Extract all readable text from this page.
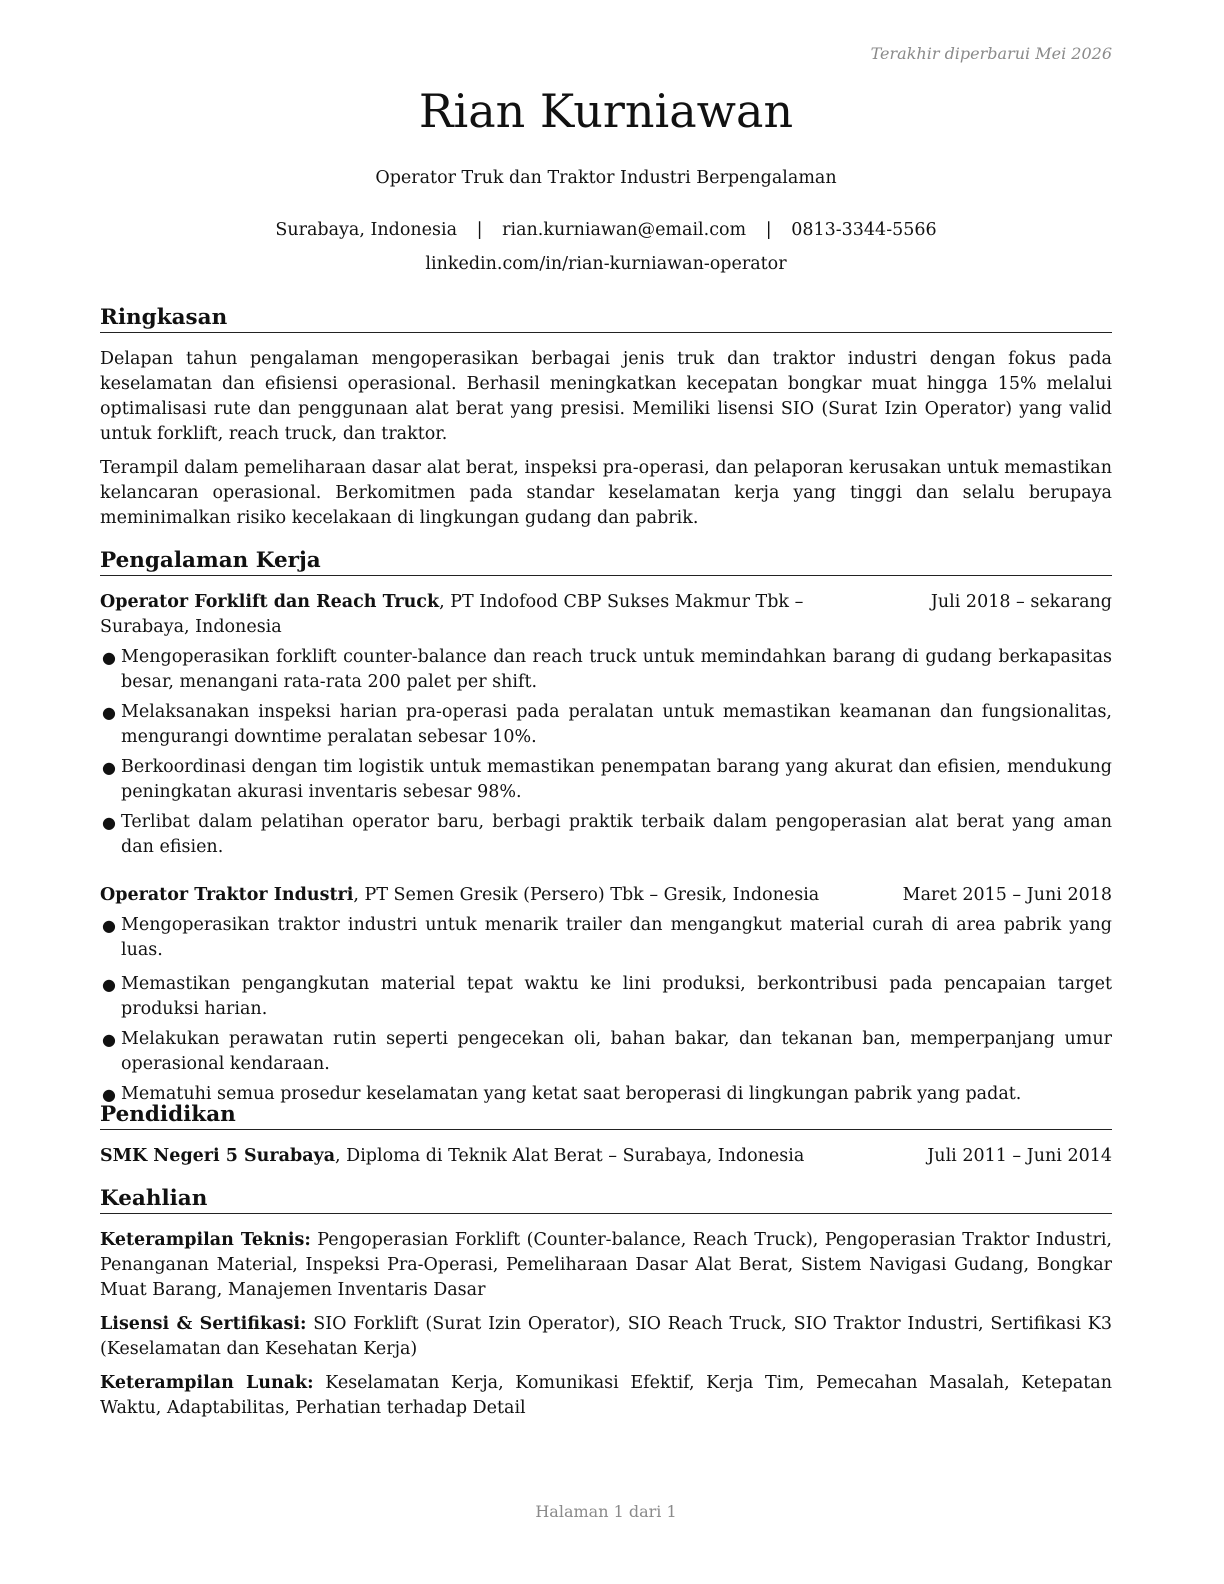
Terakhir diperbarui Mei 2026
Rian Kurniawan
Operator Truk dan Traktor Industri Berpengalaman
Surabaya, Indonesia | rian.kurniawan@email.com | 0813-3344-5566
linkedin.com/in/rian-kurniawan-operator
Ringkasan

Delapan tahun pengalaman mengoperasikan berbagai jenis truk dan traktor industri dengan fokus pada keselamatan dan efisiensi operasional. Berhasil meningkatkan kecepatan bongkar muat hingga 15% melalui optimalisasi rute dan penggunaan alat berat yang presisi. Memiliki lisensi SIO (Surat Izin Operator) yang valid untuk forklift, reach truck, dan traktor.

Terampil dalam pemeliharaan dasar alat berat, inspeksi pra-operasi, dan pelaporan kerusakan untuk memastikan kelancaran operasional. Berkomitmen pada standar keselamatan kerja yang tinggi dan selalu berupaya meminimalkan risiko kecelakaan di lingkungan gudang dan pabrik.

Pengalaman Kerja
Operator Forklift dan Reach Truck, PT Indofood CBP Sukses Makmur Tbk – Surabaya, Indonesia
Juli 2018 – sekarang
● Mengoperasikan forklift counter-balance dan reach truck untuk memindahkan barang di gudang berkapasitas besar, menangani rata-rata 200 palet per shift.
● Melaksanakan inspeksi harian pra-operasi pada peralatan untuk memastikan keamanan dan fungsionalitas, mengurangi downtime peralatan sebesar 10%.
● Berkoordinasi dengan tim logistik untuk memastikan penempatan barang yang akurat dan efisien, mendukung peningkatan akurasi inventaris sebesar 98%.
● Terlibat dalam pelatihan operator baru, berbagi praktik terbaik dalam pengoperasian alat berat yang aman dan efisien.
Operator Traktor Industri, PT Semen Gresik (Persero) Tbk – Gresik, Indonesia	Maret 2015 – Juni 2018
● Mengoperasikan traktor industri untuk menarik trailer dan mengangkut material curah di area pabrik yang luas.
● Memastikan pengangkutan material tepat waktu ke lini produksi, berkontribusi pada pencapaian target produksi harian.
● Melakukan perawatan rutin seperti pengecekan oli, bahan bakar, dan tekanan ban, memperpanjang umur operasional kendaraan.
● Mematuhi semua prosedur keselamatan yang ketat saat beroperasi di lingkungan pabrik yang padat.
Pendidikan
SMK Negeri 5 Surabaya, Diploma di Teknik Alat Berat – Surabaya, Indonesia	Juli 2011 – Juni 2014
Keahlian

Keterampilan Teknis: Pengoperasian Forklift (Counter-balance, Reach Truck), Pengoperasian Traktor Industri, Penanganan Material, Inspeksi Pra-Operasi, Pemeliharaan Dasar Alat Berat, Sistem Navigasi Gudang, Bongkar Muat Barang, Manajemen Inventaris Dasar

Lisensi & Sertifikasi: SIO Forklift (Surat Izin Operator), SIO Reach Truck, SIO Traktor Industri, Sertifikasi K3 (Keselamatan dan Kesehatan Kerja)

Keterampilan Lunak: Keselamatan Kerja, Komunikasi Efektif, Kerja Tim, Pemecahan Masalah, Ketepatan Waktu, Adaptabilitas, Perhatian terhadap Detail

Halaman 1 dari 1
